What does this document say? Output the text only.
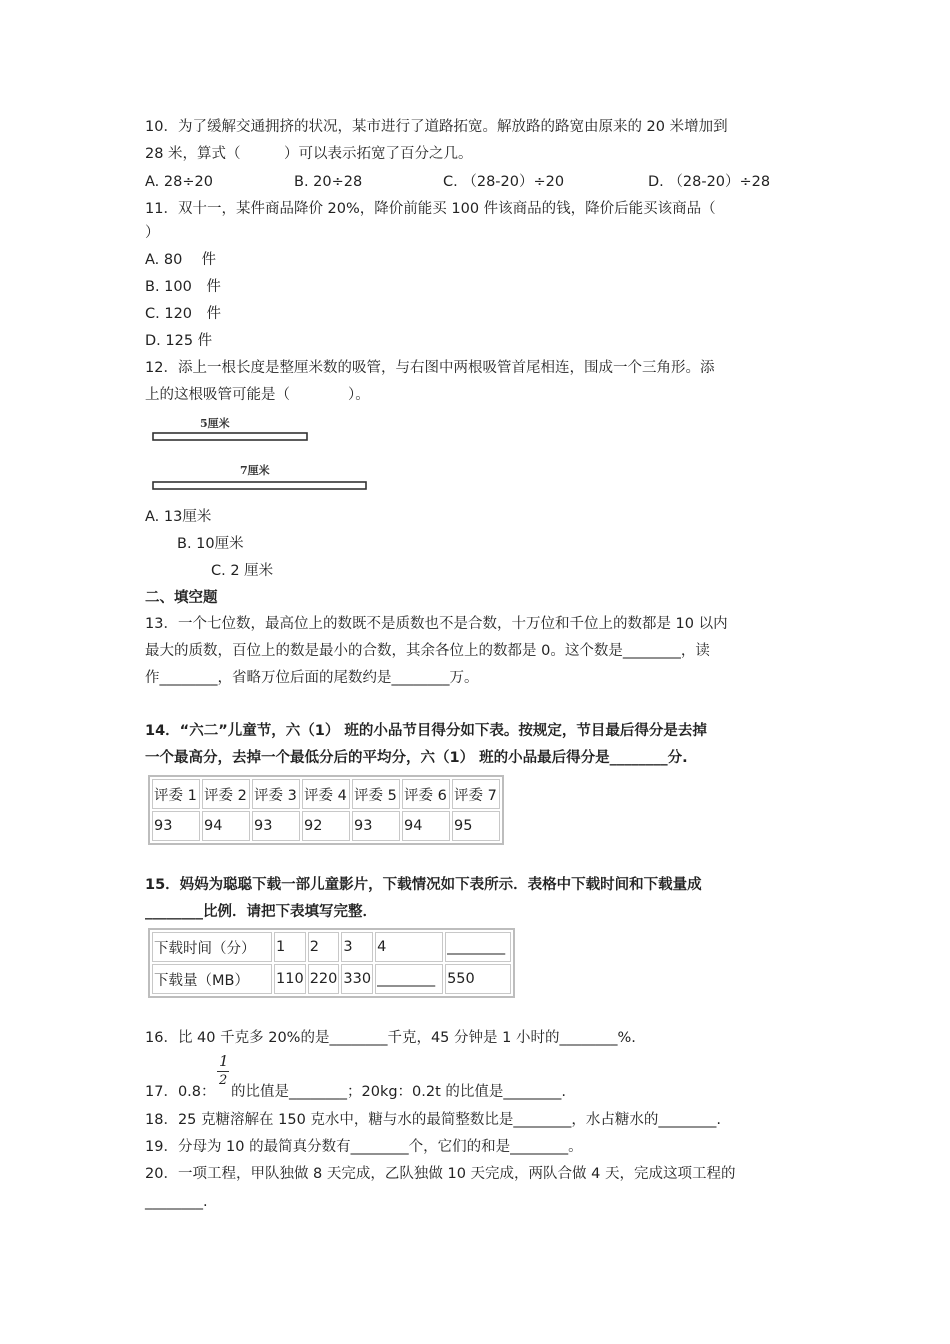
10．为了缓解交通拥挤的状况，某市进行了道路拓宽。解放路的路宽由原来的 20 米增加到
28 米，算式（　　　）可以表示拓宽了百分之几。
A. 28÷20	B. 20÷28	C. （28-20）÷20	D. （28-20）÷28
11．双十一，某件商品降价 20%，降价前能买 100 件该商品的钱，降价后能买该商品（
）
A. 80　 件
B. 100　件
C. 120　件
D. 125 件
12．添上一根长度是整厘米数的吸管，与右图中两根吸管首尾相连，围成一个三角形。添
上的这根吸管可能是（　　　　）。
5厘米
7厘米
A. 13厘米
B. 10厘米
C. 2 厘米
二、填空题
13．一个七位数，最高位上的数既不是质数也不是合数，十万位和千位上的数都是 10 以内
最大的质数，百位上的数是最小的合数，其余各位上的数都是 0。这个数是________，读
作________，省略万位后面的尾数约是________万。
14．“六二”儿童节，六（1） 班的小品节目得分如下表。按规定，节目最后得分是去掉
一个最高分，去掉一个最低分后的平均分，六（1） 班的小品最后得分是________分.
评委 1	评委 2	评委 3	评委 4	评委 5	评委 6	评委 7
93	94	93	92	93	94	95
15．妈妈为聪聪下载一部儿童影片，下载情况如下表所示．表格中下载时间和下载量成
________比例．请把下表填写完整．
下载时间（分）	1	2	3	4	________
下载量（MB）	110	220	330	________	550
16．比 40 千克多 20%的是________千克，45 分钟是 1 小时的________%.
17．0.8：
1
2
的比值是________；20kg：0.2t 的比值是________.
18．25 克糖溶解在 150 克水中，糖与水的最简整数比是________，水占糖水的________.
19．分母为 10 的最简真分数有________个，它们的和是________。
20．一项工程，甲队独做 8 天完成，乙队独做 10 天完成，两队合做 4 天，完成这项工程的
________.
